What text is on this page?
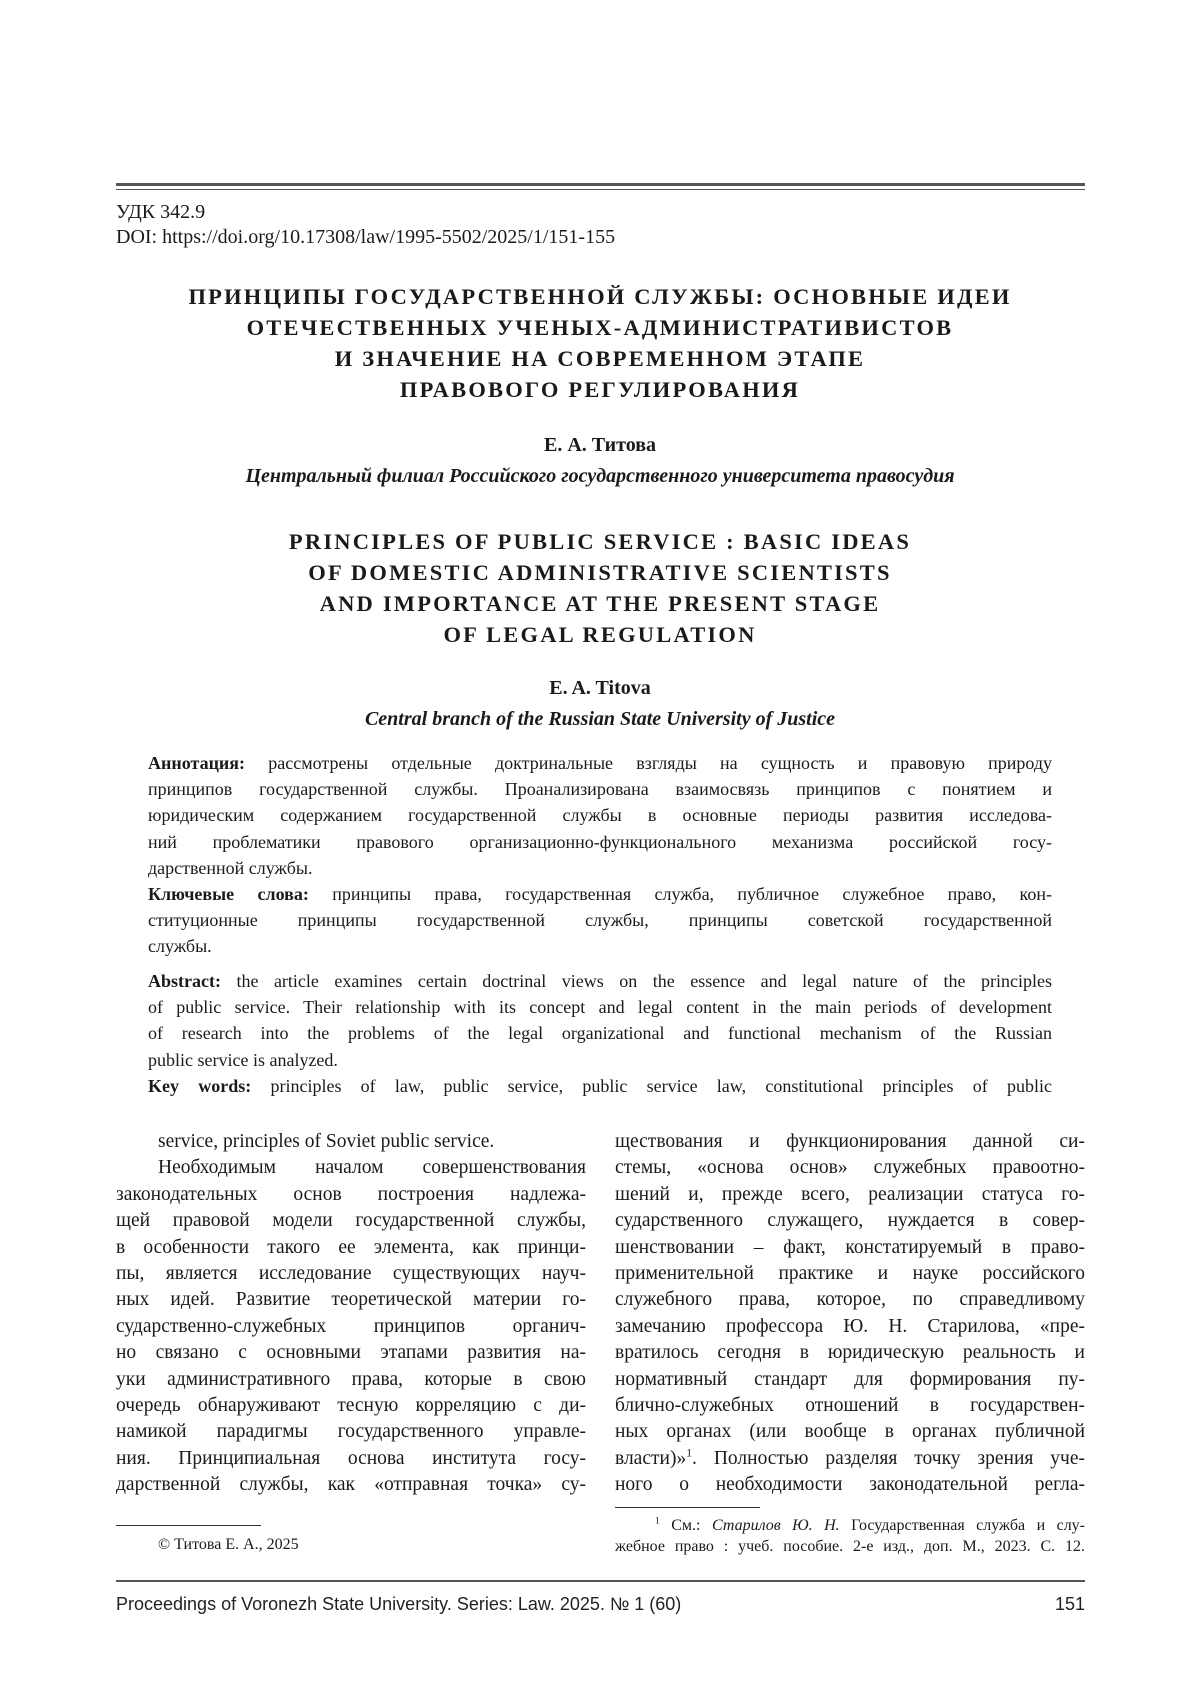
УДК 342.9
DOI: https://doi.org/10.17308/law/1995-5502/2025/1/151-155
ПРИНЦИПЫ ГОСУДАРСТВЕННОЙ СЛУЖБЫ: ОСНОВНЫЕ ИДЕИ
ОТЕЧЕСТВЕННЫХ УЧЕНЫХ-АДМИНИСТРАТИВИСТОВ
И ЗНАЧЕНИЕ НА СОВРЕМЕННОМ ЭТАПЕ
ПРАВОВОГО РЕГУЛИРОВАНИЯ
Е. А. Титова
Центральный филиал Российского государственного университета правосудия
PRINCIPLES OF PUBLIC SERVICE : BASIC IDEAS
OF DOMESTIC ADMINISTRATIVE SCIENTISTS
AND IMPORTANCE AT THE PRESENT STAGE
OF LEGAL REGULATION
E. A. Titova
Central branch of the Russian State University of Justice
Аннотация: рассмотрены отдельные доктринальные взгляды на сущность и правовую природу
принципов государственной службы. Проанализирована взаимосвязь принципов с понятием и
юридическим содержанием государственной службы в основные периоды развития исследова-
ний проблематики правового организационно-функционального механизма российской госу-
дарственной службы.
Ключевые слова: принципы права, государственная служба, публичное служебное право, кон-
ституционные принципы государственной службы, принципы советской государственной
службы.
Abstract: the article examines certain doctrinal views on the essence and legal nature of the principles
of public service. Their relationship with its concept and legal content in the main periods of development
of research into the problems of the legal organizational and functional mechanism of the Russian
public service is analyzed.
Key words: principles of law, public service, public service law, constitutional principles of public
service, principles of Soviet public service.
Необходимым началом совершенствования
законодательных основ построения надлежа-
щей правовой модели государственной службы,
в особенности такого ее элемента, как принци-
пы, является исследование существующих науч-
ных идей. Развитие теоретической материи го-
сударственно-служебных принципов органич-
но связано с основными этапами развития на-
уки административного права, которые в свою
очередь обнаруживают тесную корреляцию с ди-
намикой парадигмы государственного управле-
ния. Принципиальная основа института госу-
дарственной службы, как «отправная точка» су-
ществования и функционирования данной си-
стемы, «основа основ» служебных правоотно-
шений и, прежде всего, реализации статуса го-
сударственного служащего, нуждается в совер-
шенствовании – факт, констатируемый в право-
применительной практике и науке российского
служебного права, которое, по справедливому
замечанию профессора Ю. Н. Старилова, «пре-
вратилось сегодня в юридическую реальность и
нормативный стандарт для формирования пу-
блично-служебных отношений в государствен-
ных органах (или вообще в органах публичной
власти)»1. Полностью разделяя точку зрения уче-
ного о необходимости законодательной регла-
© Титова Е. А., 2025
1 См.: Старилов Ю. Н. Государственная служба и слу-
жебное право : учеб. пособие. 2-е изд., доп. М., 2023. С. 12.
Proceedings of Voronezh State University. Series: Law. 2025. № 1 (60)	151
